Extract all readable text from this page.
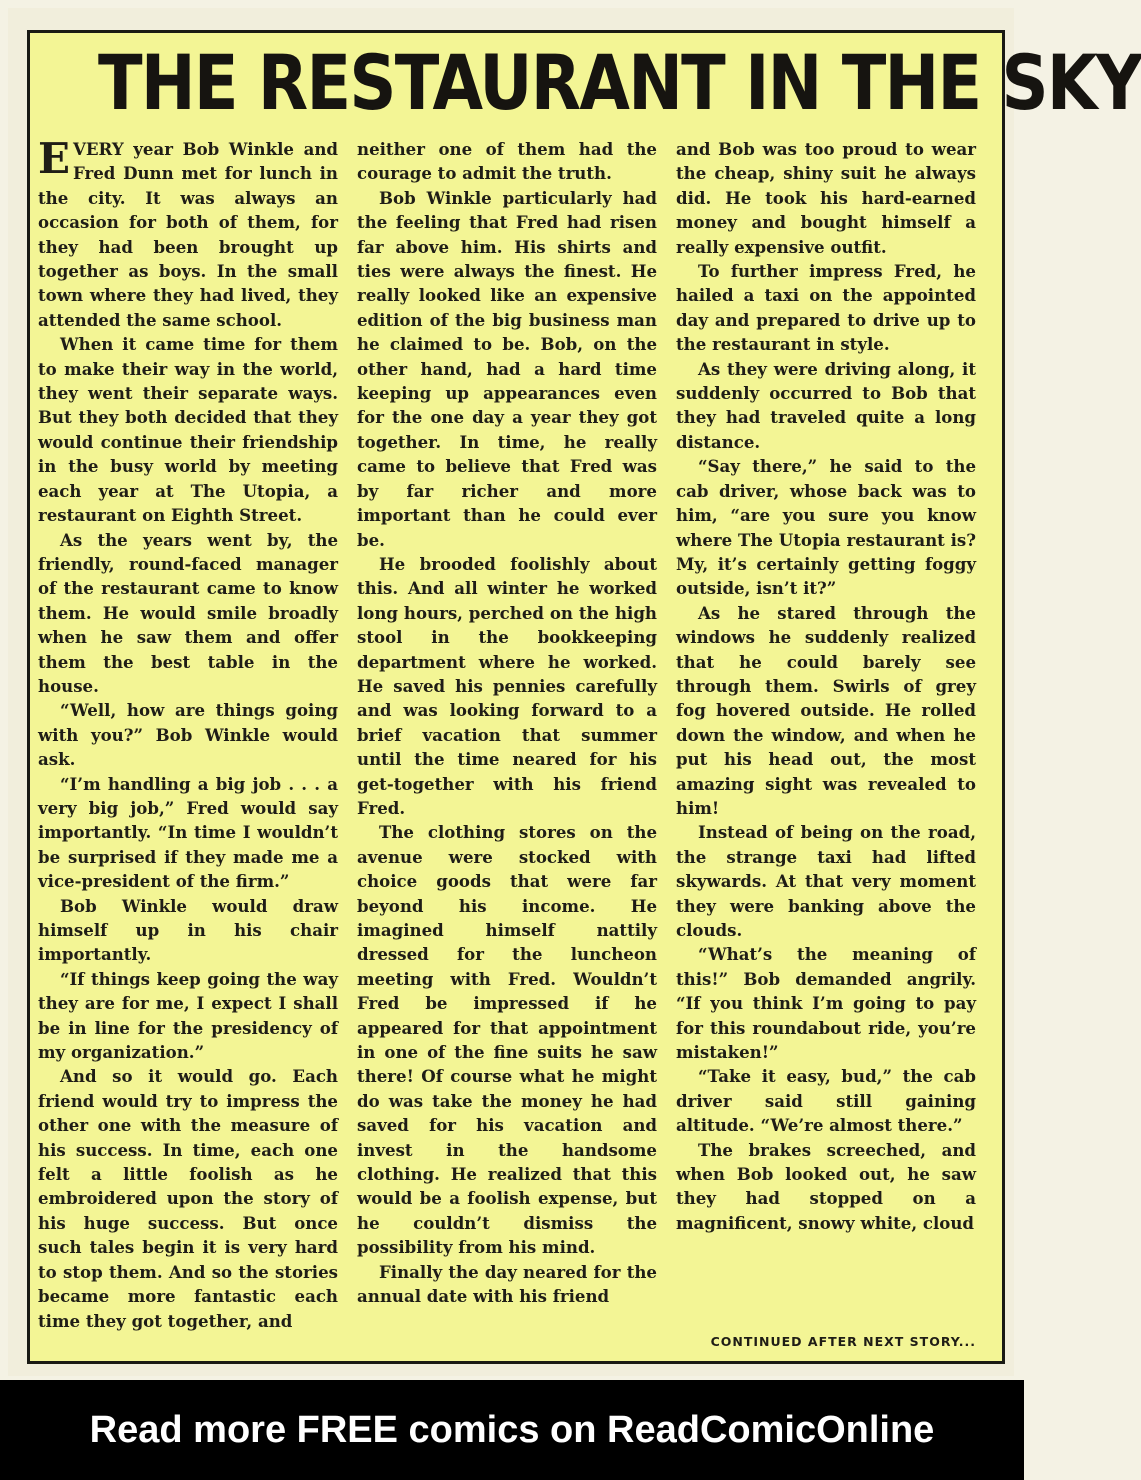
THE RESTAURANT IN THE SKY

EVERY year Bob Winkle and Fred Dunn met for lunch in the city. It was always an occasion for both of them, for they had been brought up together as boys. In the small town where they had lived, they attended the same school.

When it came time for them to make their way in the world, they went their separate ways. But they both decided that they would continue their friendship in the busy world by meeting each year at The Utopia, a restaurant on Eighth Street.

As the years went by, the friendly, round-faced manager of the restaurant came to know them. He would smile broadly when he saw them and offer them the best table in the house.

“Well, how are things going with you?” Bob Winkle would ask.

“I’m handling a big job . . . a very big job,” Fred would say importantly. “In time I wouldn’t be surprised if they made me a vice-president of the firm.”

Bob Winkle would draw himself up in his chair importantly.

“If things keep going the way they are for me, I expect I shall be in line for the presidency of my organization.”

And so it would go. Each friend would try to impress the other one with the measure of his success. In time, each one felt a little foolish as he embroidered upon the story of his huge success. But once such tales begin it is very hard to stop them. And so the stories became more fantastic each time they got together, and

neither one of them had the courage to admit the truth.

Bob Winkle particularly had the feeling that Fred had risen far above him. His shirts and ties were always the finest. He really looked like an expensive edition of the big business man he claimed to be. Bob, on the other hand, had a hard time keeping up appearances even for the one day a year they got together. In time, he really came to believe that Fred was by far richer and more important than he could ever be.

He brooded foolishly about this. And all winter he worked long hours, perched on the high stool in the bookkeeping department where he worked. He saved his pennies carefully and was looking forward to a brief vacation that summer until the time neared for his get-together with his friend Fred.

The clothing stores on the avenue were stocked with choice goods that were far beyond his income. He imagined himself nattily dressed for the luncheon meeting with Fred. Wouldn’t Fred be impressed if he appeared for that appointment in one of the fine suits he saw there! Of course what he might do was take the money he had saved for his vacation and invest in the handsome clothing. He realized that this would be a foolish expense, but he couldn’t dismiss the possibility from his mind.

Finally the day neared for the annual date with his friend

and Bob was too proud to wear the cheap, shiny suit he always did. He took his hard-earned money and bought himself a really expensive outfit.

To further impress Fred, he hailed a taxi on the appointed day and prepared to drive up to the restaurant in style.

As they were driving along, it suddenly occurred to Bob that they had traveled quite a long distance.

“Say there,” he said to the cab driver, whose back was to him, “are you sure you know where The Utopia restaurant is? My, it’s certainly getting foggy outside, isn’t it?”

As he stared through the windows he suddenly realized that he could barely see through them. Swirls of grey fog hovered outside. He rolled down the window, and when he put his head out, the most amazing sight was revealed to him!

Instead of being on the road, the strange taxi had lifted skywards. At that very moment they were banking above the clouds.

“What’s the meaning of this!” Bob demanded angrily. “If you think I’m going to pay for this roundabout ride, you’re mistaken!”

“Take it easy, bud,” the cab driver said still gaining altitude. “We’re almost there.”

The brakes screeched, and when Bob looked out, he saw they had stopped on a magnificent, snowy white, cloud

CONTINUED AFTER NEXT STORY...
Read more FREE comics on ReadComicOnline
